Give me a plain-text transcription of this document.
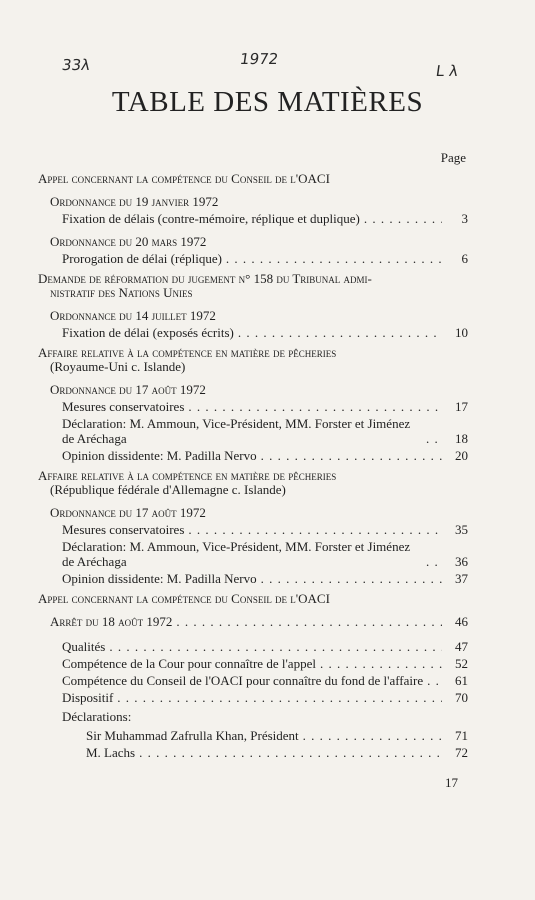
33λ	1972
L λ
TABLE DES MATIÈRES
Page
Appel concernant la compétence du Conseil de l'OACI
Ordonnance du 19 janvier 1972
Fixation de délais (contre-mémoire, réplique et duplique) . . .	3
Ordonnance du 20 mars 1972
Prorogation de délai (réplique) . . .	6
Demande de réformation du jugement n° 158 du Tribunal admi-
nistratif des Nations Unies
Ordonnance du 14 juillet 1972
Fixation de délai (exposés écrits) . . .	10
Affaire relative à la compétence en matière de pêcheries
(Royaume-Uni c. Islande)
Ordonnance du 17 août 1972
Mesures conservatoires . . .	17
Déclaration: M. Ammoun, Vice-Président, MM. Forster et Jiménez de Aréchaga . . .	18
Opinion dissidente: M. Padilla Nervo . . .	20
Affaire relative à la compétence en matière de pêcheries
(République fédérale d'Allemagne c. Islande)
Ordonnance du 17 août 1972
Mesures conservatoires . . .	35
Déclaration: M. Ammoun, Vice-Président, MM. Forster et Jiménez de Aréchaga . . .	36
Opinion dissidente: M. Padilla Nervo . . .	37
Appel concernant la compétence du Conseil de l'OACI
Arrêt du 18 août 1972 . . .	46
Qualités . . .	47
Compétence de la Cour pour connaître de l'appel . . .	52
Compétence du Conseil de l'OACI pour connaître du fond de l'affaire . . .	61
Dispositif . . .	70
Déclarations:
Sir Muhammad Zafrulla Khan, Président . . .	71
M. Lachs . . .	72
17
